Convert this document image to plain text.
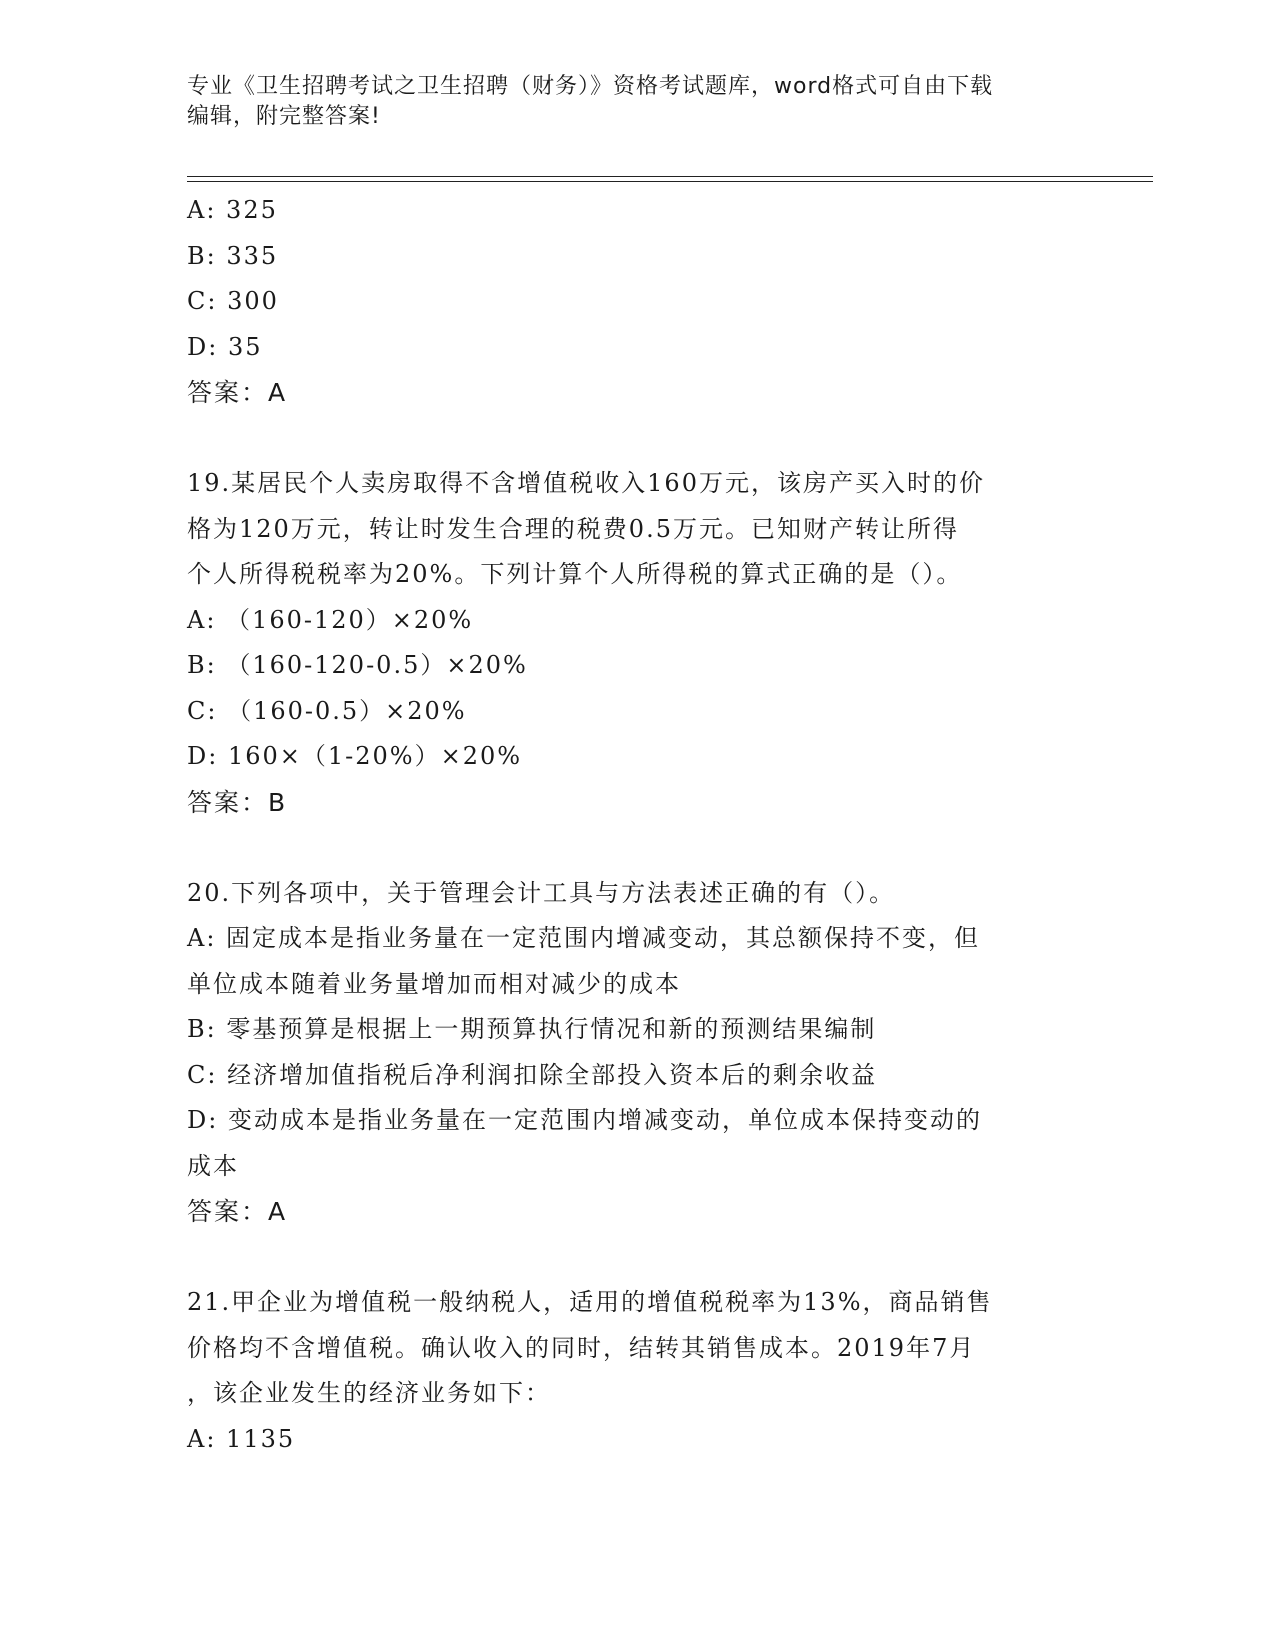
专业《卫生招聘考试之卫生招聘（财务）》资格考试题库，word格式可自由下载
编辑，附完整答案!
A: 325
B: 335
C: 300
D: 35
答案：A
19.某居民个人卖房取得不含增值税收入160万元，该房产买入时的价
格为120万元，转让时发生合理的税费0.5万元。已知财产转让所得
个人所得税税率为20%。下列计算个人所得税的算式正确的是（）。
A: （160-120）×20%
B: （160-120-0.5）×20%
C: （160-0.5）×20%
D: 160×（1-20%）×20%
答案：B
20.下列各项中，关于管理会计工具与方法表述正确的有（）。
A: 固定成本是指业务量在一定范围内增减变动，其总额保持不变，但
单位成本随着业务量增加而相对减少的成本
B: 零基预算是根据上一期预算执行情况和新的预测结果编制
C: 经济增加值指税后净利润扣除全部投入资本后的剩余收益
D: 变动成本是指业务量在一定范围内增减变动，单位成本保持变动的
成本
答案：A
21.甲企业为增值税一般纳税人，适用的增值税税率为13%，商品销售
价格均不含增值税。确认收入的同时，结转其销售成本。2019年7月
，该企业发生的经济业务如下：
A: 1135
